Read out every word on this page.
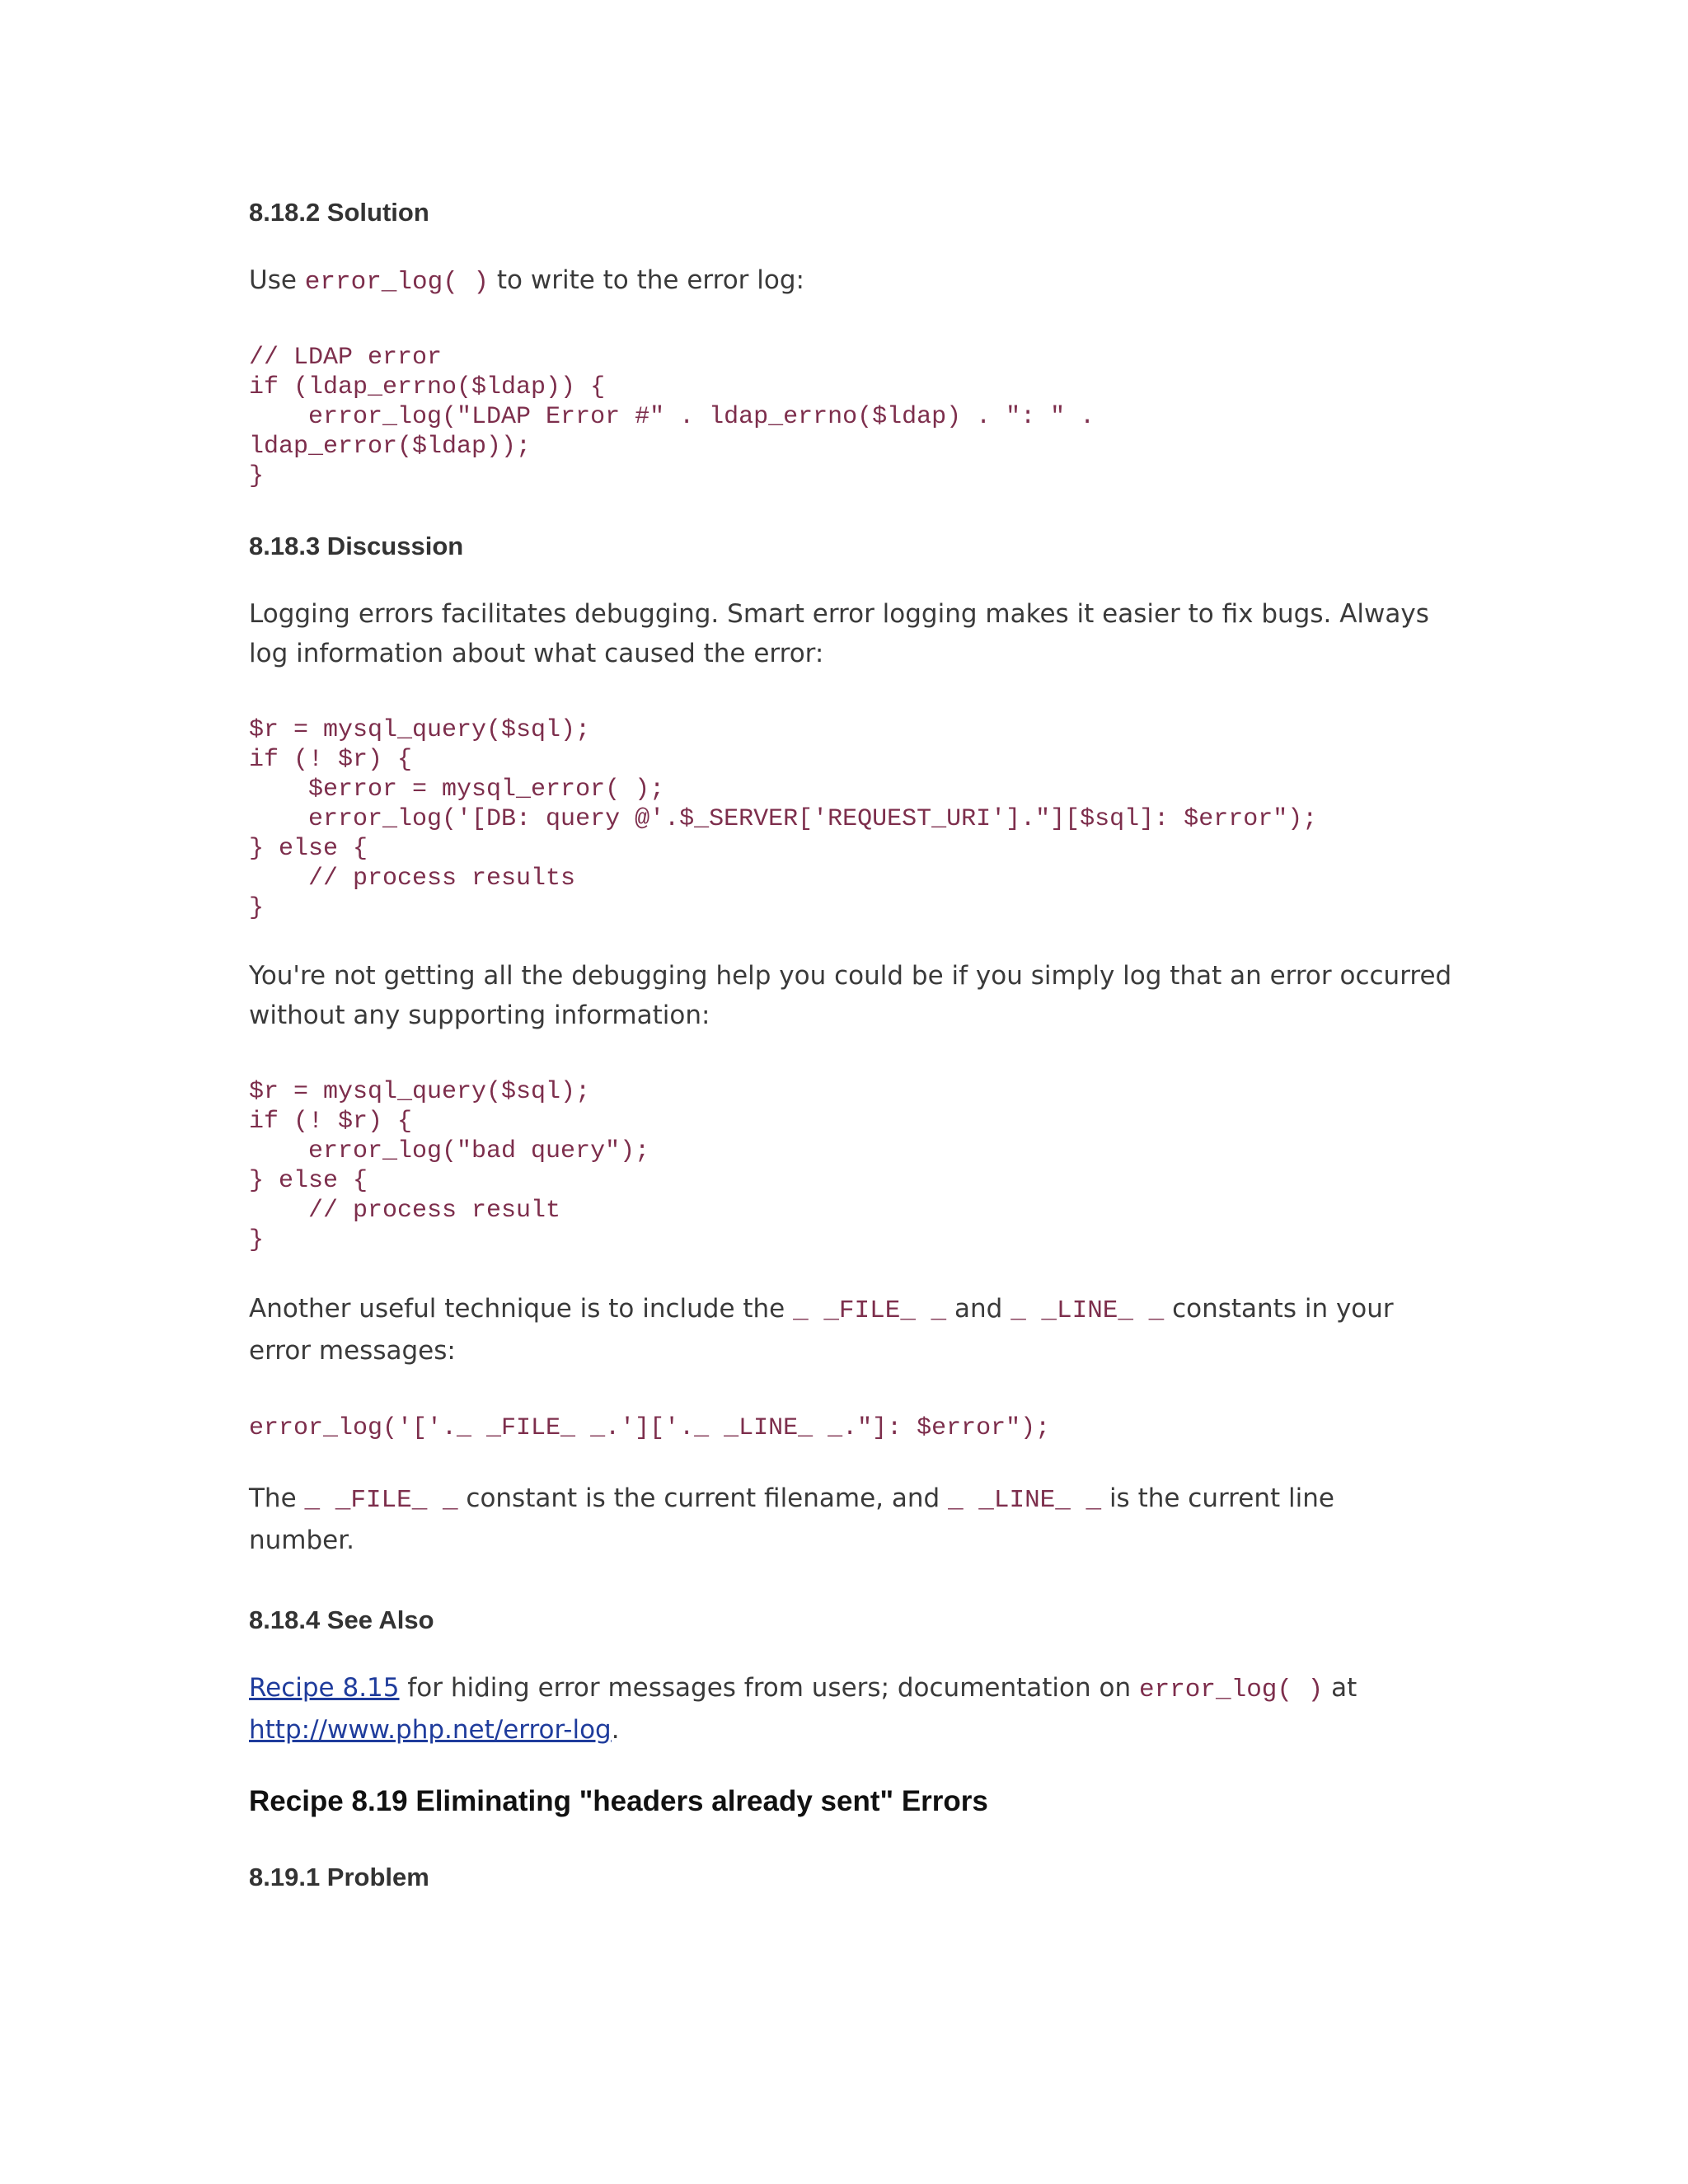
8.18.2 Solution
Use error_log( ) to write to the error log:
// LDAP error
if (ldap_errno($ldap)) {
error_log("LDAP Error #" . ldap_errno($ldap) . ": " .
ldap_error($ldap));
}
8.18.3 Discussion
Logging errors facilitates debugging. Smart error logging makes it easier to fix bugs. Always
log information about what caused the error:
$r = mysql_query($sql);
if (! $r) {
$error = mysql_error( );
error_log('[DB: query @'.$_SERVER['REQUEST_URI']."][$sql]: $error");
} else {
// process results
}
You're not getting all the debugging help you could be if you simply log that an error occurred
without any supporting information:
$r = mysql_query($sql);
if (! $r) {
error_log("bad query");
} else {
// process result
}
Another useful technique is to include the _ _FILE_ _ and _ _LINE_ _ constants in your
error messages:
error_log('['._ _FILE_ _.']['._ _LINE_ _."]: $error");
The _ _FILE_ _ constant is the current filename, and _ _LINE_ _ is the current line
number.
8.18.4 See Also
Recipe 8.15 for hiding error messages from users; documentation on error_log( ) at
http://www.php.net/error-log.
Recipe 8.19 Eliminating "headers already sent" Errors
8.19.1 Problem
